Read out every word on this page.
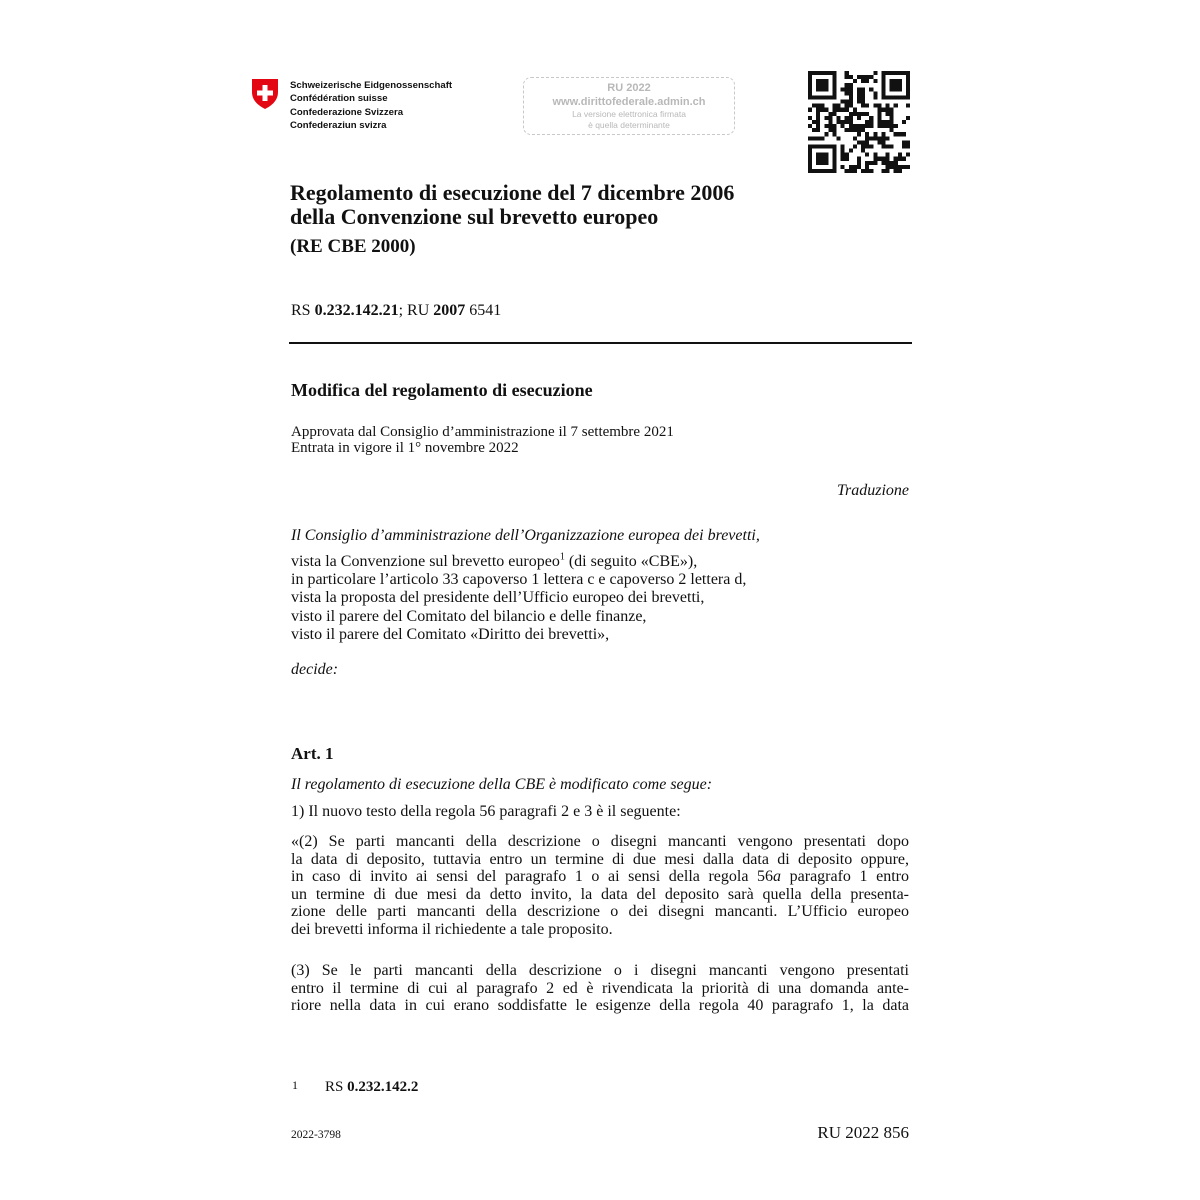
Schweizerische Eidgenossenschaft
Confédération suisse
Confederazione Svizzera
Confederaziun svizra
RU 2022
www.dirittofederale.admin.ch
La versione elettronica firmata
è quella determinante
Regolamento di esecuzione del 7 dicembre 2006
della Convenzione sul brevetto europeo
(RE CBE 2000)
RS 0.232.142.21; RU 2007 6541
Modifica del regolamento di esecuzione
Approvata dal Consiglio d’amministrazione il 7 settembre 2021
Entrata in vigore il 1° novembre 2022
Traduzione
Il Consiglio d’amministrazione dell’Organizzazione europea dei brevetti,
vista la Convenzione sul brevetto europeo$^1$ (di seguito «CBE»),
in particolare l’articolo 33 capoverso 1 lettera c e capoverso 2 lettera d,
vista la proposta del presidente dell’Ufficio europeo dei brevetti,
visto il parere del Comitato del bilancio e delle finanze,
visto il parere del Comitato «Diritto dei brevetti»,
decide:
Art. 1
Il regolamento di esecuzione della CBE è modificato come segue:
1) Il nuovo testo della regola 56 paragrafi 2 e 3 è il seguente:
«(2) Se parti mancanti della descrizione o disegni mancanti vengono presentati dopo
la data di deposito, tuttavia entro un termine di due mesi dalla data di deposito oppure,
in caso di invito ai sensi del paragrafo 1 o ai sensi della regola 56a paragrafo 1 entro
un termine di due mesi da detto invito, la data del deposito sarà quella della presenta-
zione delle parti mancanti della descrizione o dei disegni mancanti. L’Ufficio europeo
dei brevetti informa il richiedente a tale proposito.
(3) Se le parti mancanti della descrizione o i disegni mancanti vengono presentati
entro il termine di cui al paragrafo 2 ed è rivendicata la priorità di una domanda ante-
riore nella data in cui erano soddisfatte le esigenze della regola 40 paragrafo 1, la data
1 RS 0.232.142.2
2022-3798	RU 2022 856
